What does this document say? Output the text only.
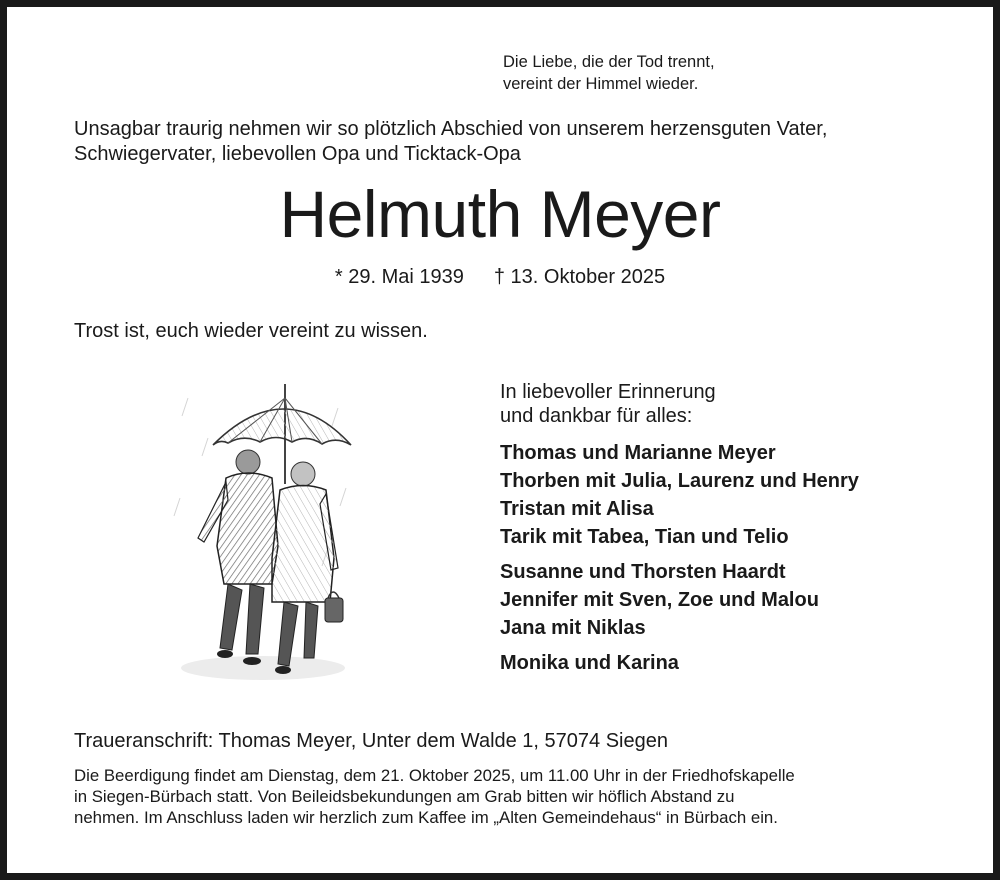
Die Liebe, die der Tod trennt,
vereint der Himmel wieder.
Unsagbar traurig nehmen wir so plötzlich Abschied von unserem herzensguten Vater,
Schwiegervater, liebevollen Opa und Ticktack-Opa
Helmuth Meyer
* 29. Mai 1939 † 13. Oktober 2025
Trost ist, euch wieder vereint zu wissen.
In liebevoller Erinnerung
und dankbar für alles:
Thomas und Marianne Meyer
Thorben mit Julia, Laurenz und Henry
Tristan mit Alisa
Tarik mit Tabea, Tian und Telio
Susanne und Thorsten Haardt
Jennifer mit Sven, Zoe und Malou
Jana mit Niklas
Monika und Karina
Traueranschrift: Thomas Meyer, Unter dem Walde 1, 57074 Siegen
Die Beerdigung findet am Dienstag, dem 21. Oktober 2025, um 11.00 Uhr in der Friedhofskapelle
in Siegen-Bürbach statt. Von Beileidsbekundungen am Grab bitten wir höflich Abstand zu
nehmen. Im Anschluss laden wir herzlich zum Kaffee im „Alten Gemeindehaus“ in Bürbach ein.
